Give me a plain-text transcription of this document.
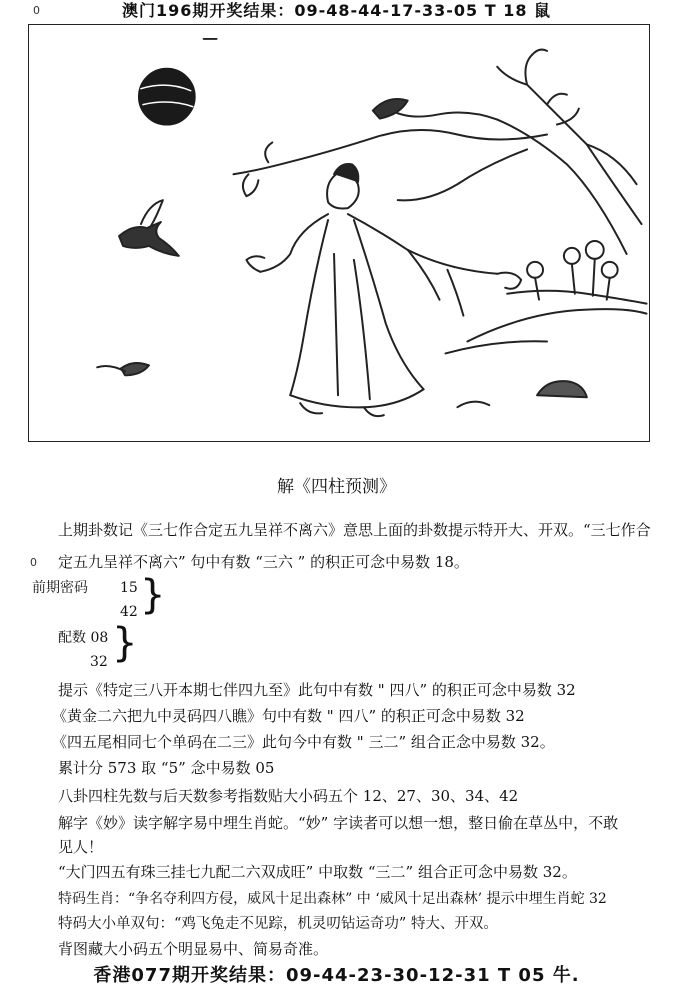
0	澳门196期开奖结果：09-48-44-17-33-05 T 18 鼠
解《四柱预测》
上期卦数记《三七作合定五九呈祥不离六》意思上面的卦数提示特开大、开双。“三七作合
0 定五九呈祥不离六” 句中有数 “三六 ” 的积正可念中易数 18。
前期密码 15
42 }
配数 08
32 }
提示《特定三八开本期七伴四九至》此句中有数 " 四八” 的积正可念中易数 32
《黄金二六把九中灵码四八瞧》句中有数 " 四八” 的积正可念中易数 32
《四五尾相同七个单码在二三》此句今中有数 " 三二” 组合正念中易数 32。
累计分 573 取 “5” 念中易数 05
八卦四柱先数与后天数参考指数贴大小码五个 12、27、30、34、42
解字《妙》读字解字易中埋生肖蛇。“妙” 字读者可以想一想，整日偷在草丛中，不敢
见人！
“大门四五有珠三挂七九配二六双成旺” 中取数 “三二” 组合正可念中易数 32。
特码生肖：“争名夺利四方侵，威风十足出森林” 中 ‘威风十足出森林’ 提示中埋生肖蛇 32
特码大小单双句：“鸡飞兔走不见踪，机灵叨钻运奇功” 特大、开双。
背图藏大小码五个明显易中、简易奇准。
香港077期开奖结果：09-44-23-30-12-31 T 05 牛.
